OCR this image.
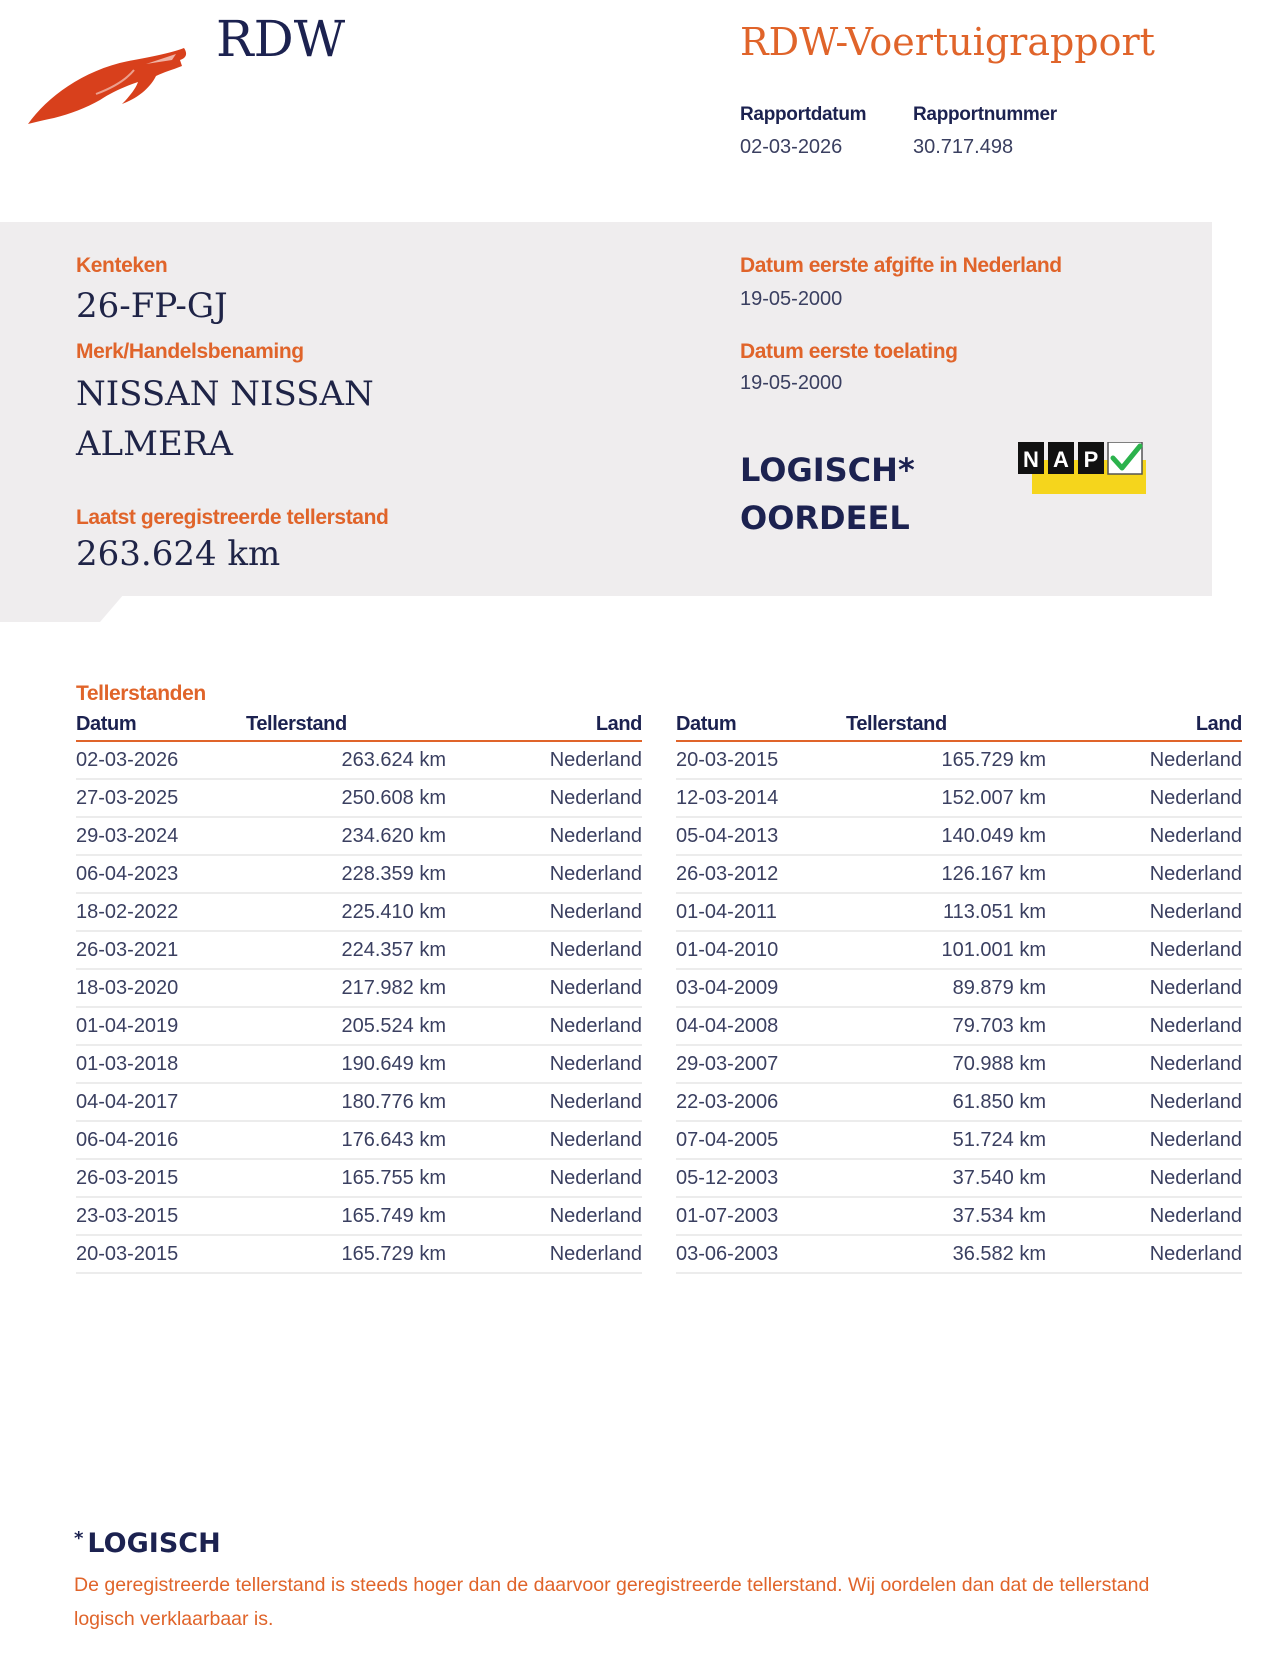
RDW	RDW-Voertuigrapport
Rapportdatum
02-03-2026
Rapportnummer
30.717.498
Kenteken
26-FP-GJ
Merk/Handelsbenaming
NISSAN NISSAN
ALMERA
Laatst geregistreerde tellerstand
263.624 km
Datum eerste afgifte in Nederland
19-05-2000
Datum eerste toelating
19-05-2000
LOGISCH*
OORDEEL
N A P
Tellerstanden
Datum	Tellerstand	Land
02-03-2026	263.624 km	Nederland
27-03-2025	250.608 km	Nederland
29-03-2024	234.620 km	Nederland
06-04-2023	228.359 km	Nederland
18-02-2022	225.410 km	Nederland
26-03-2021	224.357 km	Nederland
18-03-2020	217.982 km	Nederland
01-04-2019	205.524 km	Nederland
01-03-2018	190.649 km	Nederland
04-04-2017	180.776 km	Nederland
06-04-2016	176.643 km	Nederland
26-03-2015	165.755 km	Nederland
23-03-2015	165.749 km	Nederland
20-03-2015	165.729 km	Nederland
Datum	Tellerstand	Land
20-03-2015	165.729 km	Nederland
12-03-2014	152.007 km	Nederland
05-04-2013	140.049 km	Nederland
26-03-2012	126.167 km	Nederland
01-04-2011	113.051 km	Nederland
01-04-2010	101.001 km	Nederland
03-04-2009	89.879 km	Nederland
04-04-2008	79.703 km	Nederland
29-03-2007	70.988 km	Nederland
22-03-2006	61.850 km	Nederland
07-04-2005	51.724 km	Nederland
05-12-2003	37.540 km	Nederland
01-07-2003	37.534 km	Nederland
03-06-2003	36.582 km	Nederland
* LOGISCH
De geregistreerde tellerstand is steeds hoger dan de daarvoor geregistreerde tellerstand. Wij oordelen dan dat de tellerstand logisch verklaarbaar is.
